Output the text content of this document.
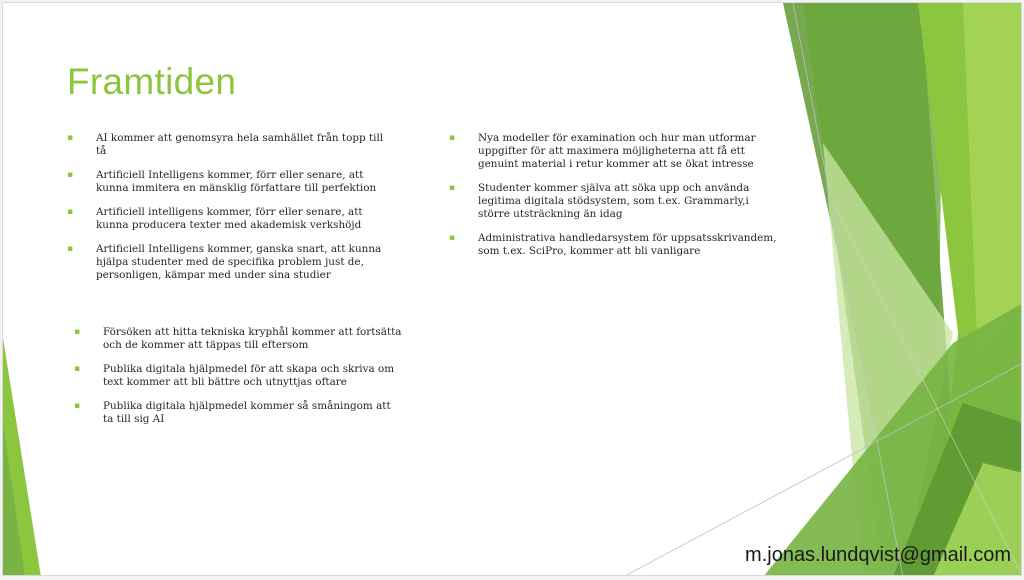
Framtiden
▪ AI kommer att genomsyra hela samhället från topp till tå
▪ Artificiell Intelligens kommer, förr eller senare, att kunna immitera en mänsklig författare till perfektion
▪ Artificiell intelligens kommer, förr eller senare, att kunna producera texter med akademisk verkshöjd
▪ Artificiell Intelligens kommer, ganska snart, att kunna hjälpa studenter med de specifika problem just de, personligen, kämpar med under sina studier
▪ Nya modeller för examination och hur man utformar uppgifter för att maximera möjligheterna att få ett genuint material i retur kommer att se ökat intresse
▪ Studenter kommer själva att söka upp och använda legitima digitala stödsystem, som t.ex. Grammarly,i större utsträckning än idag
▪ Administrativa handledarsystem för uppsatsskrivandem, som t.ex. SciPro, kommer att bli vanligare
▪ Försöken att hitta tekniska kryphål kommer att fortsätta och de kommer att täppas till eftersom
▪ Publika digitala hjälpmedel för att skapa och skriva om text kommer att bli bättre och utnyttjas oftare
▪ Publika digitala hjälpmedel kommer så småningom att ta till sig AI
m.jonas.lundqvist@gmail.com
